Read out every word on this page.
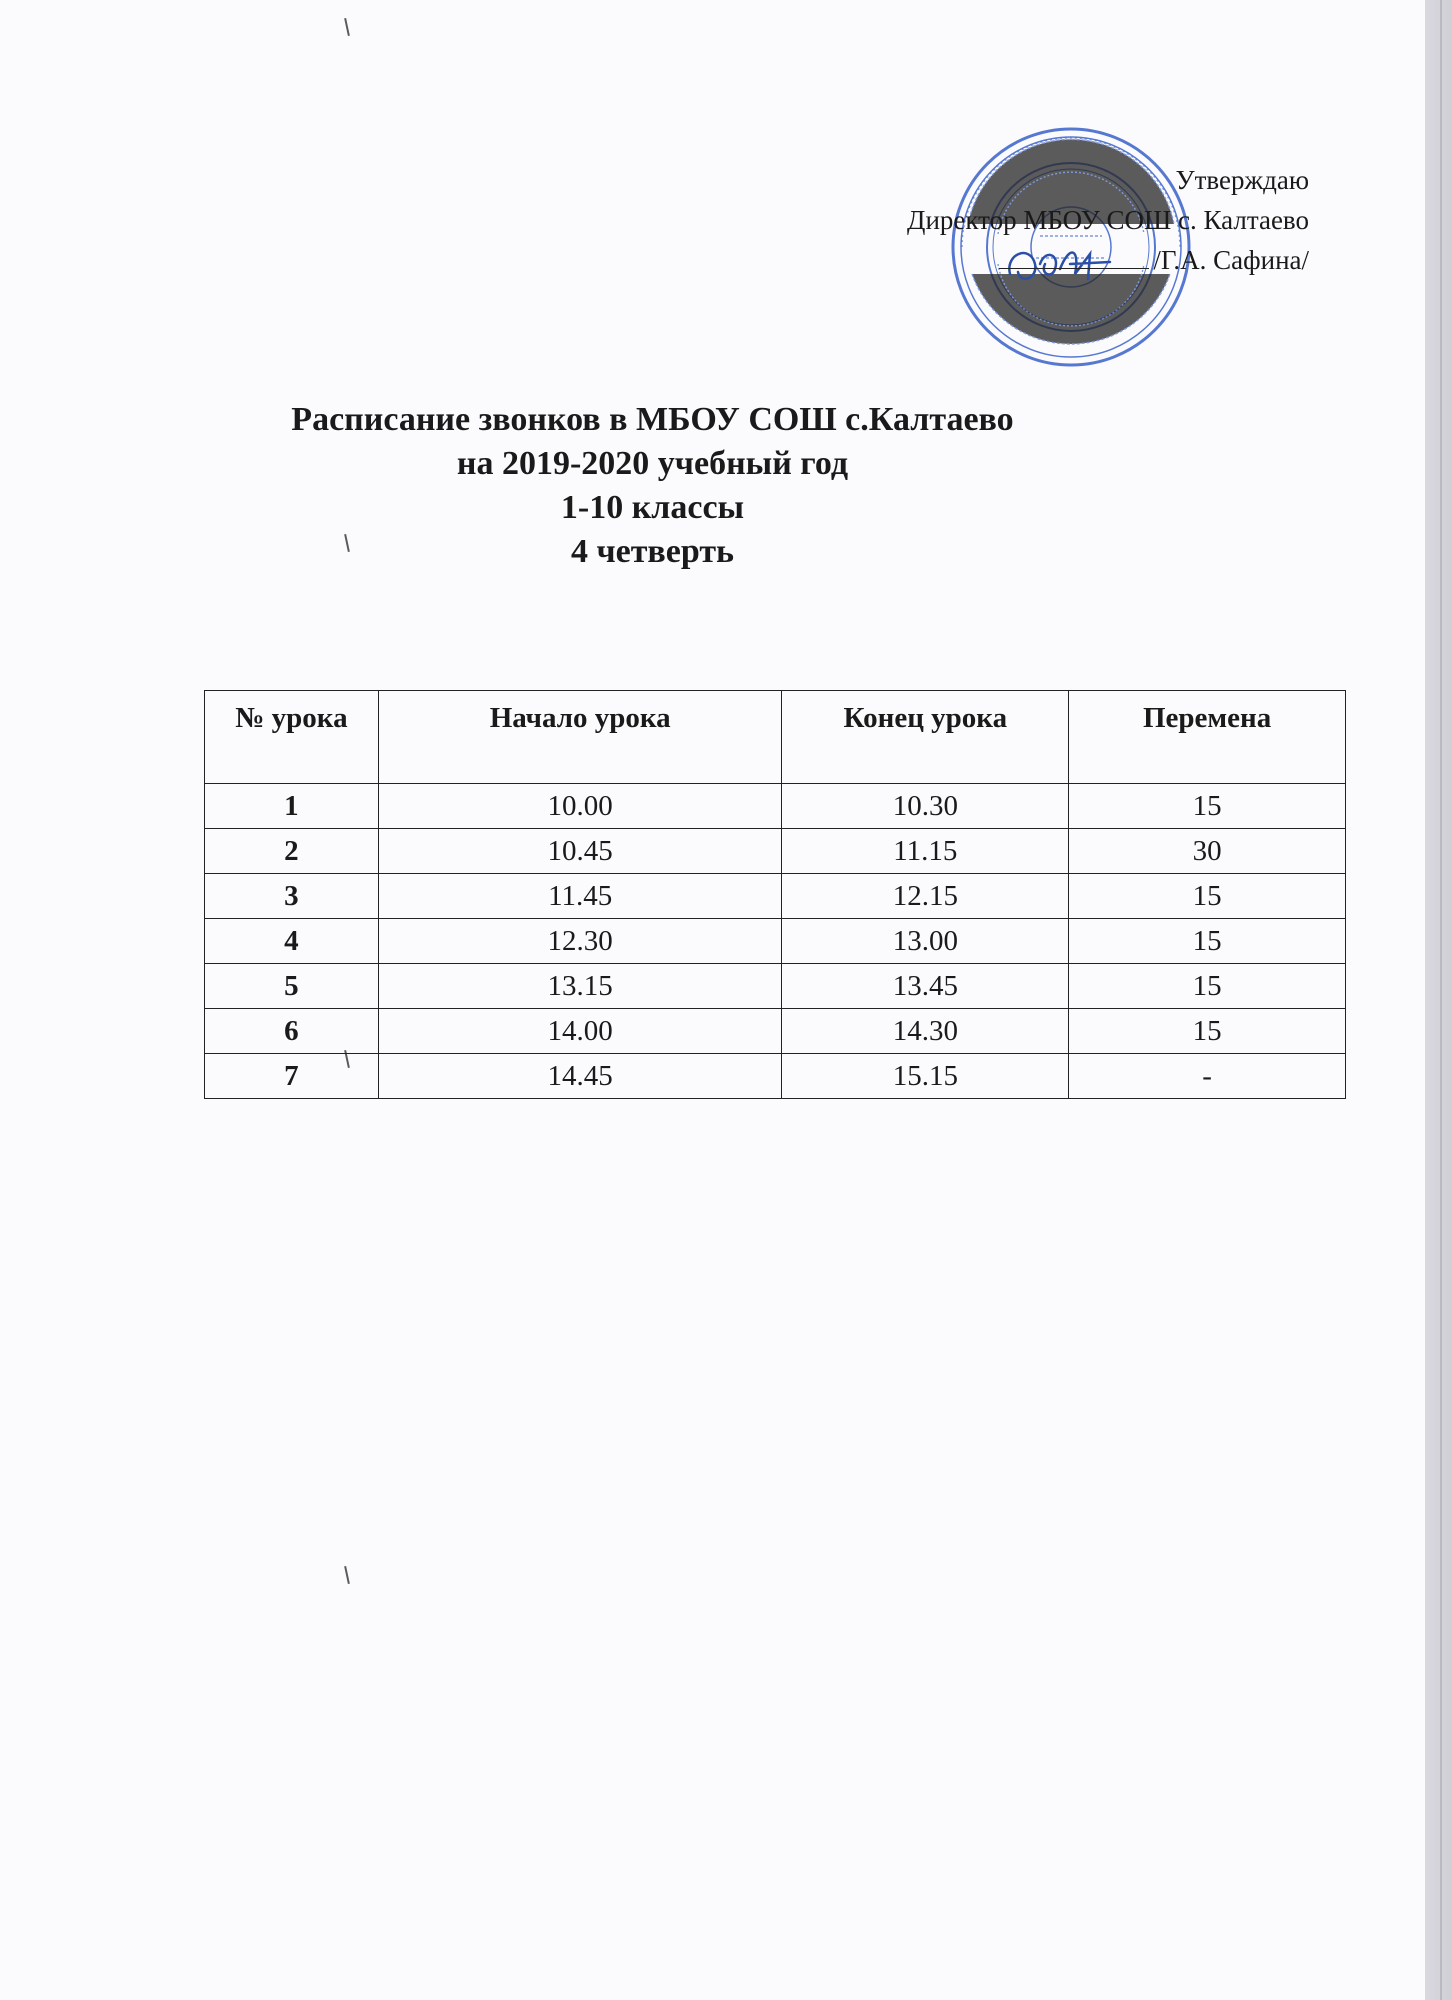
Утверждаю
Директор МБОУ СОШ с. Калтаево
/Г.А. Сафина/
Расписание звонков в МБОУ СОШ с.Калтаево
на 2019-2020 учебный год
1-10 классы
4 четверть
№ урока	Начало урока	Конец урока	Перемена
1	10.00	10.30	15
2	10.45	11.15	30
3	11.45	12.15	15
4	12.30	13.00	15
5	13.15	13.45	15
6	14.00	14.30	15
7	14.45	15.15	-
